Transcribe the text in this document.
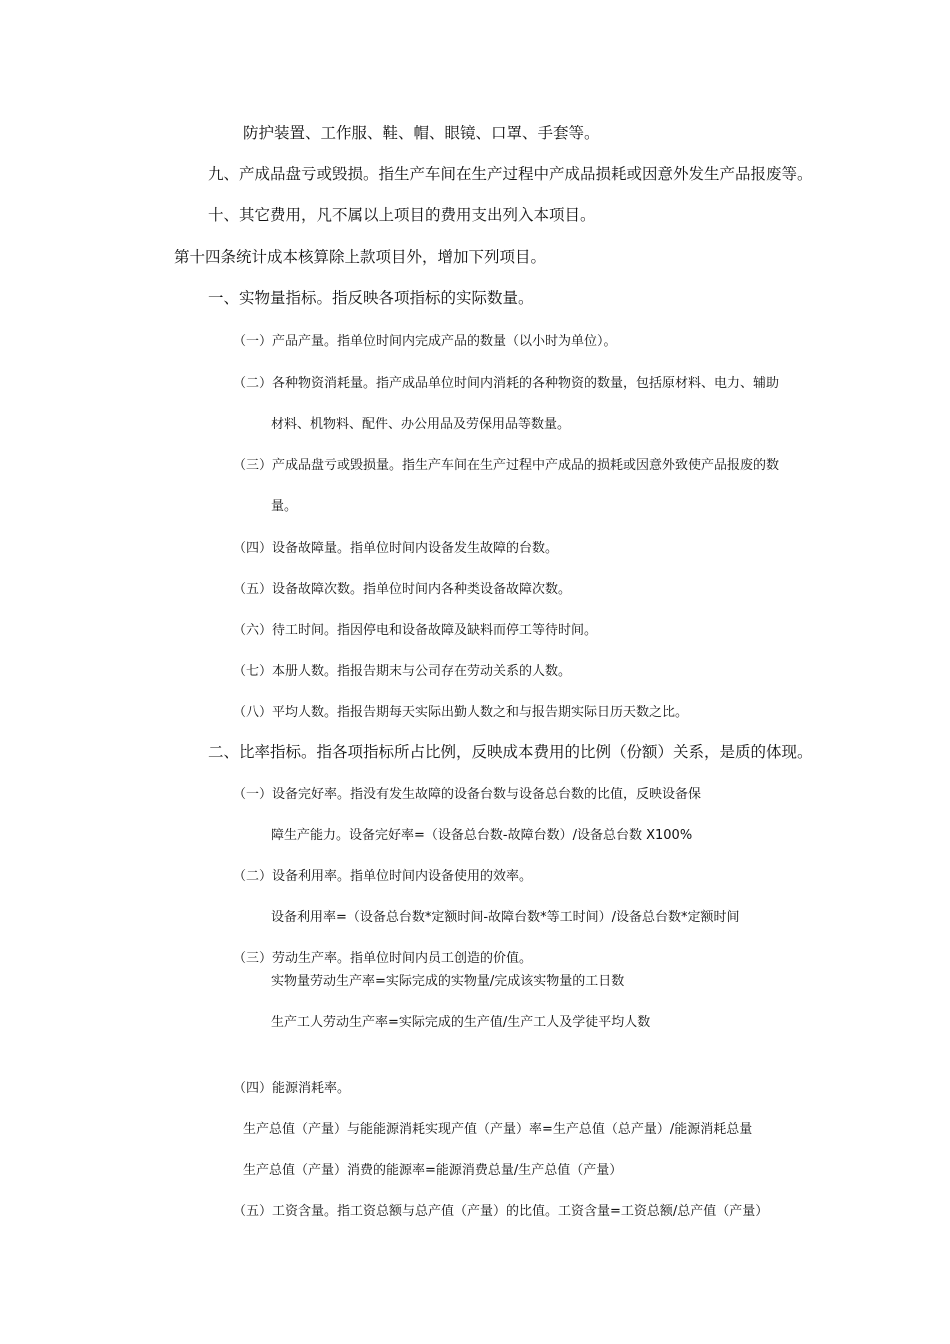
防护装置、工作服、鞋、帽、眼镜、口罩、手套等。
九、产成品盘亏或毁损。指生产车间在生产过程中产成品损耗或因意外发生产品报废等。
十、其它费用，凡不属以上项目的费用支出列入本项目。
第十四条统计成本核算除上款项目外，增加下列项目。
一、实物量指标。指反映各项指标的实际数量。
（一）产品产量。指单位时间内完成产品的数量（以小时为单位）。
（二）各种物资消耗量。指产成品单位时间内消耗的各种物资的数量，包括原材料、电力、辅助
材料、机物料、配件、办公用品及劳保用品等数量。
（三）产成品盘亏或毁损量。指生产车间在生产过程中产成品的损耗或因意外致使产品报废的数
量。
（四）设备故障量。指单位时间内设备发生故障的台数。
（五）设备故障次数。指单位时间内各种类设备故障次数。
（六）待工时间。指因停电和设备故障及缺料而停工等待时间。
（七）本册人数。指报告期末与公司存在劳动关系的人数。
（八）平均人数。指报告期每天实际出勤人数之和与报告期实际日历天数之比。
二、比率指标。指各项指标所占比例，反映成本费用的比例（份额）关系，是质的体现。
（一）设备完好率。指没有发生故障的设备台数与设备总台数的比值，反映设备保
障生产能力。设备完好率=（设备总台数-故障台数）/设备总台数 X100%
（二）设备利用率。指单位时间内设备使用的效率。
设备利用率=（设备总台数*定额时间-故障台数*等工时间）/设备总台数*定额时间
（三）劳动生产率。指单位时间内员工创造的价值。
实物量劳动生产率=实际完成的实物量/完成该实物量的工日数
生产工人劳动生产率=实际完成的生产值/生产工人及学徒平均人数
（四）能源消耗率。
生产总值（产量）与能能源消耗实现产值（产量）率=生产总值（总产量）/能源消耗总量
生产总值（产量）消费的能源率=能源消费总量/生产总值（产量）
（五）工资含量。指工资总额与总产值（产量）的比值。工资含量=工资总额/总产值（产量）
